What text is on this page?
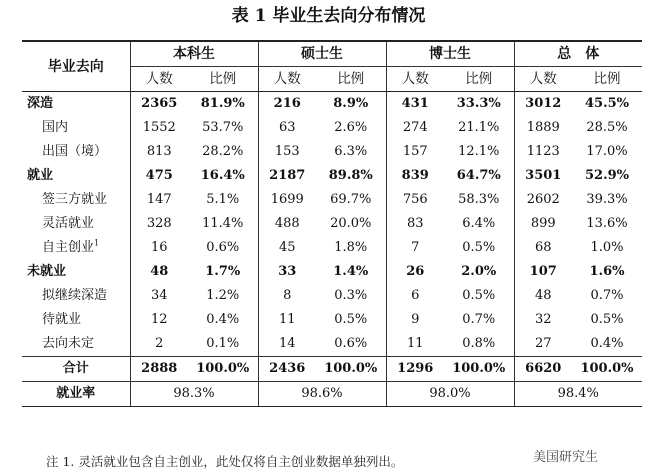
表 1 毕业生去向分布情况
毕业去向	本科生		硕士生		博士生		总　体	
	人数	比例	人数	比例	人数	比例	人数	比例
深造	2365	81.9%	216	8.9%	431	33.3%	3012	45.5%
国内	1552	53.7%	63	2.6%	274	21.1%	1889	28.5%
出国（境）	813	28.2%	153	6.3%	157	12.1%	1123	17.0%
就业	475	16.4%	2187	89.8%	839	64.7%	3501	52.9%
签三方就业	147	5.1%	1699	69.7%	756	58.3%	2602	39.3%
灵活就业	328	11.4%	488	20.0%	83	6.4%	899	13.6%
自主创业$^1$	16	0.6%	45	1.8%	7	0.5%	68	1.0%
未就业	48	1.7%	33	1.4%	26	2.0%	107	1.6%
拟继续深造	34	1.2%	8	0.3%	6	0.5%	48	0.7%
待就业	12	0.4%	11	0.5%	9	0.7%	32	0.5%
去向未定	2	0.1%	14	0.6%	11	0.8%	27	0.4%
合计	2888	100.0%	2436	100.0%	1296	100.0%	6620	100.0%
就业率	98.3%		98.6%		98.0%		98.4%	
注 1. 灵活就业包含自主创业，此处仅将自主创业数据单独列出。	美国研究生
